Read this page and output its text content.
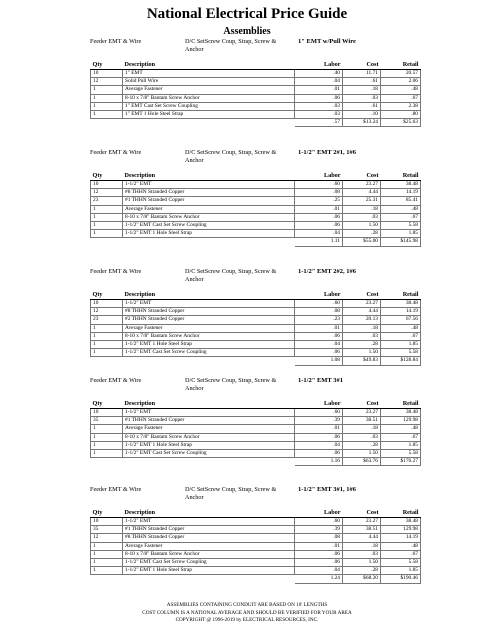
National Electrical Price Guide
Assemblies
Feeder EMT & Wire	D/C SetScrew Coup, Strap, Screw & Anchor
1" EMT w/Pull Wire
Qty	Description	Labor	Cost	Retail
10	1" EMT	.40	11.71	20.57
12	Solid Pull Wire	.04	.61	2.06
1	Average Fastener	.01	.18	.48
1	8-10 x 7/8" Bantam Screw Anchor	.06	.03	.67
1	1" EMT Cast Set Screw Coupling	.03	.61	2.38
1	1" EMT 1 Hole Steel Strap	.03	.10	.80
		.57	$13.24	$25.63
Feeder EMT & Wire	D/C SetScrew Coup, Strap, Screw & Anchor
1-1/2" EMT 2#1, 1#6
Qty	Description	Labor	Cost	Retail
10	1-1/2" EMT	.60	23.27	38.48
12	#8 THHN Stranded Copper	.08	4.44	14.19
23	#1 THHN Stranded Copper	.25	25.31	85.41
1	Average Fastener	.01	.18	.48
1	8-10 x 7/8" Bantam Screw Anchor	.06	.03	.67
1	1-1/2" EMT Cast Set Screw Coupling	.06	1.50	5.58
1	1-1/2" EMT 1 Hole Steel Strap	.04	.28	1.85
		1.11	$55.00	$145.98
Feeder EMT & Wire	D/C SetScrew Coup, Strap, Screw & Anchor
1-1/2" EMT 2#2, 1#6
Qty	Description	Labor	Cost	Retail
10	1-1/2" EMT	.60	23.27	38.48
12	#8 THHN Stranded Copper	.08	4.44	14.19
23	#2 THHN Stranded Copper	.23	20.13	67.56
1	Average Fastener	.01	.18	.48
1	8-10 x 7/8" Bantam Screw Anchor	.06	.03	.67
1	1-1/2" EMT 1 Hole Steel Strap	.04	.28	1.85
1	1-1/2" EMT Cast Set Screw Coupling	.06	1.50	5.58
		1.08	$49.83	$128.84
Feeder EMT & Wire	D/C SetScrew Coup, Strap, Screw & Anchor
1-1/2" EMT 3#1
Qty	Description	Labor	Cost	Retail
10	1-1/2" EMT	.60	23.27	38.48
35	#1 THHN Stranded Copper	.39	38.51	129.98
1	Average Fastener	.01	.18	.48
1	8-10 x 7/8" Bantam Screw Anchor	.06	.03	.67
1	1-1/2" EMT 1 Hole Steel Strap	.04	.28	1.85
1	1-1/2" EMT Cast Set Screw Coupling	.06	1.50	5.58
		1.16	$63.76	$176.27
Feeder EMT & Wire	D/C SetScrew Coup, Strap, Screw & Anchor
1-1/2" EMT 3#1, 1#6
Qty	Description	Labor	Cost	Retail
10	1-1/2" EMT	.60	23.27	38.48
35	#1 THHN Stranded Copper	.39	38.51	129.98
12	#8 THHN Stranded Copper	.08	4.44	14.19
1	Average Fastener	.01	.18	.48
1	8-10 x 7/8" Bantam Screw Anchor	.06	.03	.67
1	1-1/2" EMT Cast Set Screw Coupling	.06	1.50	5.58
1	1-1/2" EMT 1 Hole Steel Strap	.04	.28	1.85
		1.24	$68.20	$190.46
ASSEMBLIES CONTAINING CONDUIT ARE BASED ON 10' LENGTHS
COST COLUMN IS A NATIONAL AVERAGE AND SHOULD BE VERIFIED FOR YOUR AREA
COPYRIGHT @ 1996-2019 by ELECTRICAL RESOURCES, INC.
